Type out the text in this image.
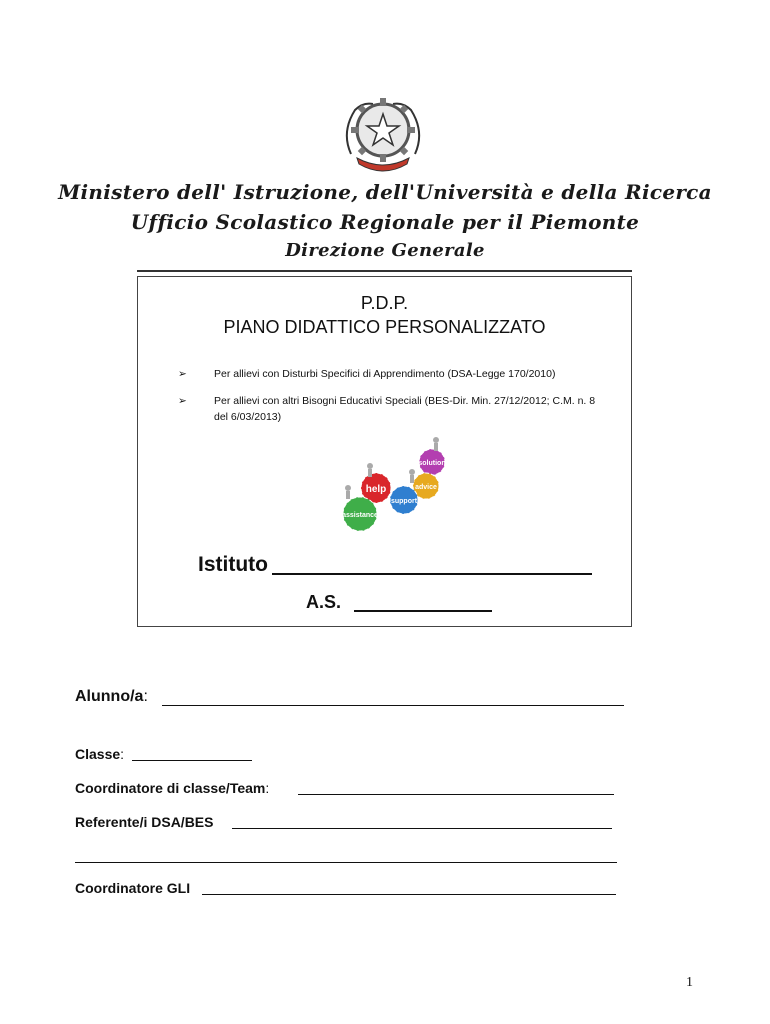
Ministero dell' Istruzione, dell'Università e della Ricerca
Ufficio Scolastico Regionale per il Piemonte
Direzione Generale
P.D.P.
PIANO DIDATTICO PERSONALIZZATO
➢	Per allievi con Disturbi Specifici di Apprendimento (DSA-Legge 170/2010)
➢	Per allievi con altri Bisogni Educativi Speciali (BES-Dir. Min. 27/12/2012; C.M. n. 8 del 6/03/2013)
solution
advice
help
support
assistance
Istituto
A.S.
Alunno/a:
Classe:
Coordinatore di classe/Team:
Referente/i DSA/BES
Coordinatore GLI
1
